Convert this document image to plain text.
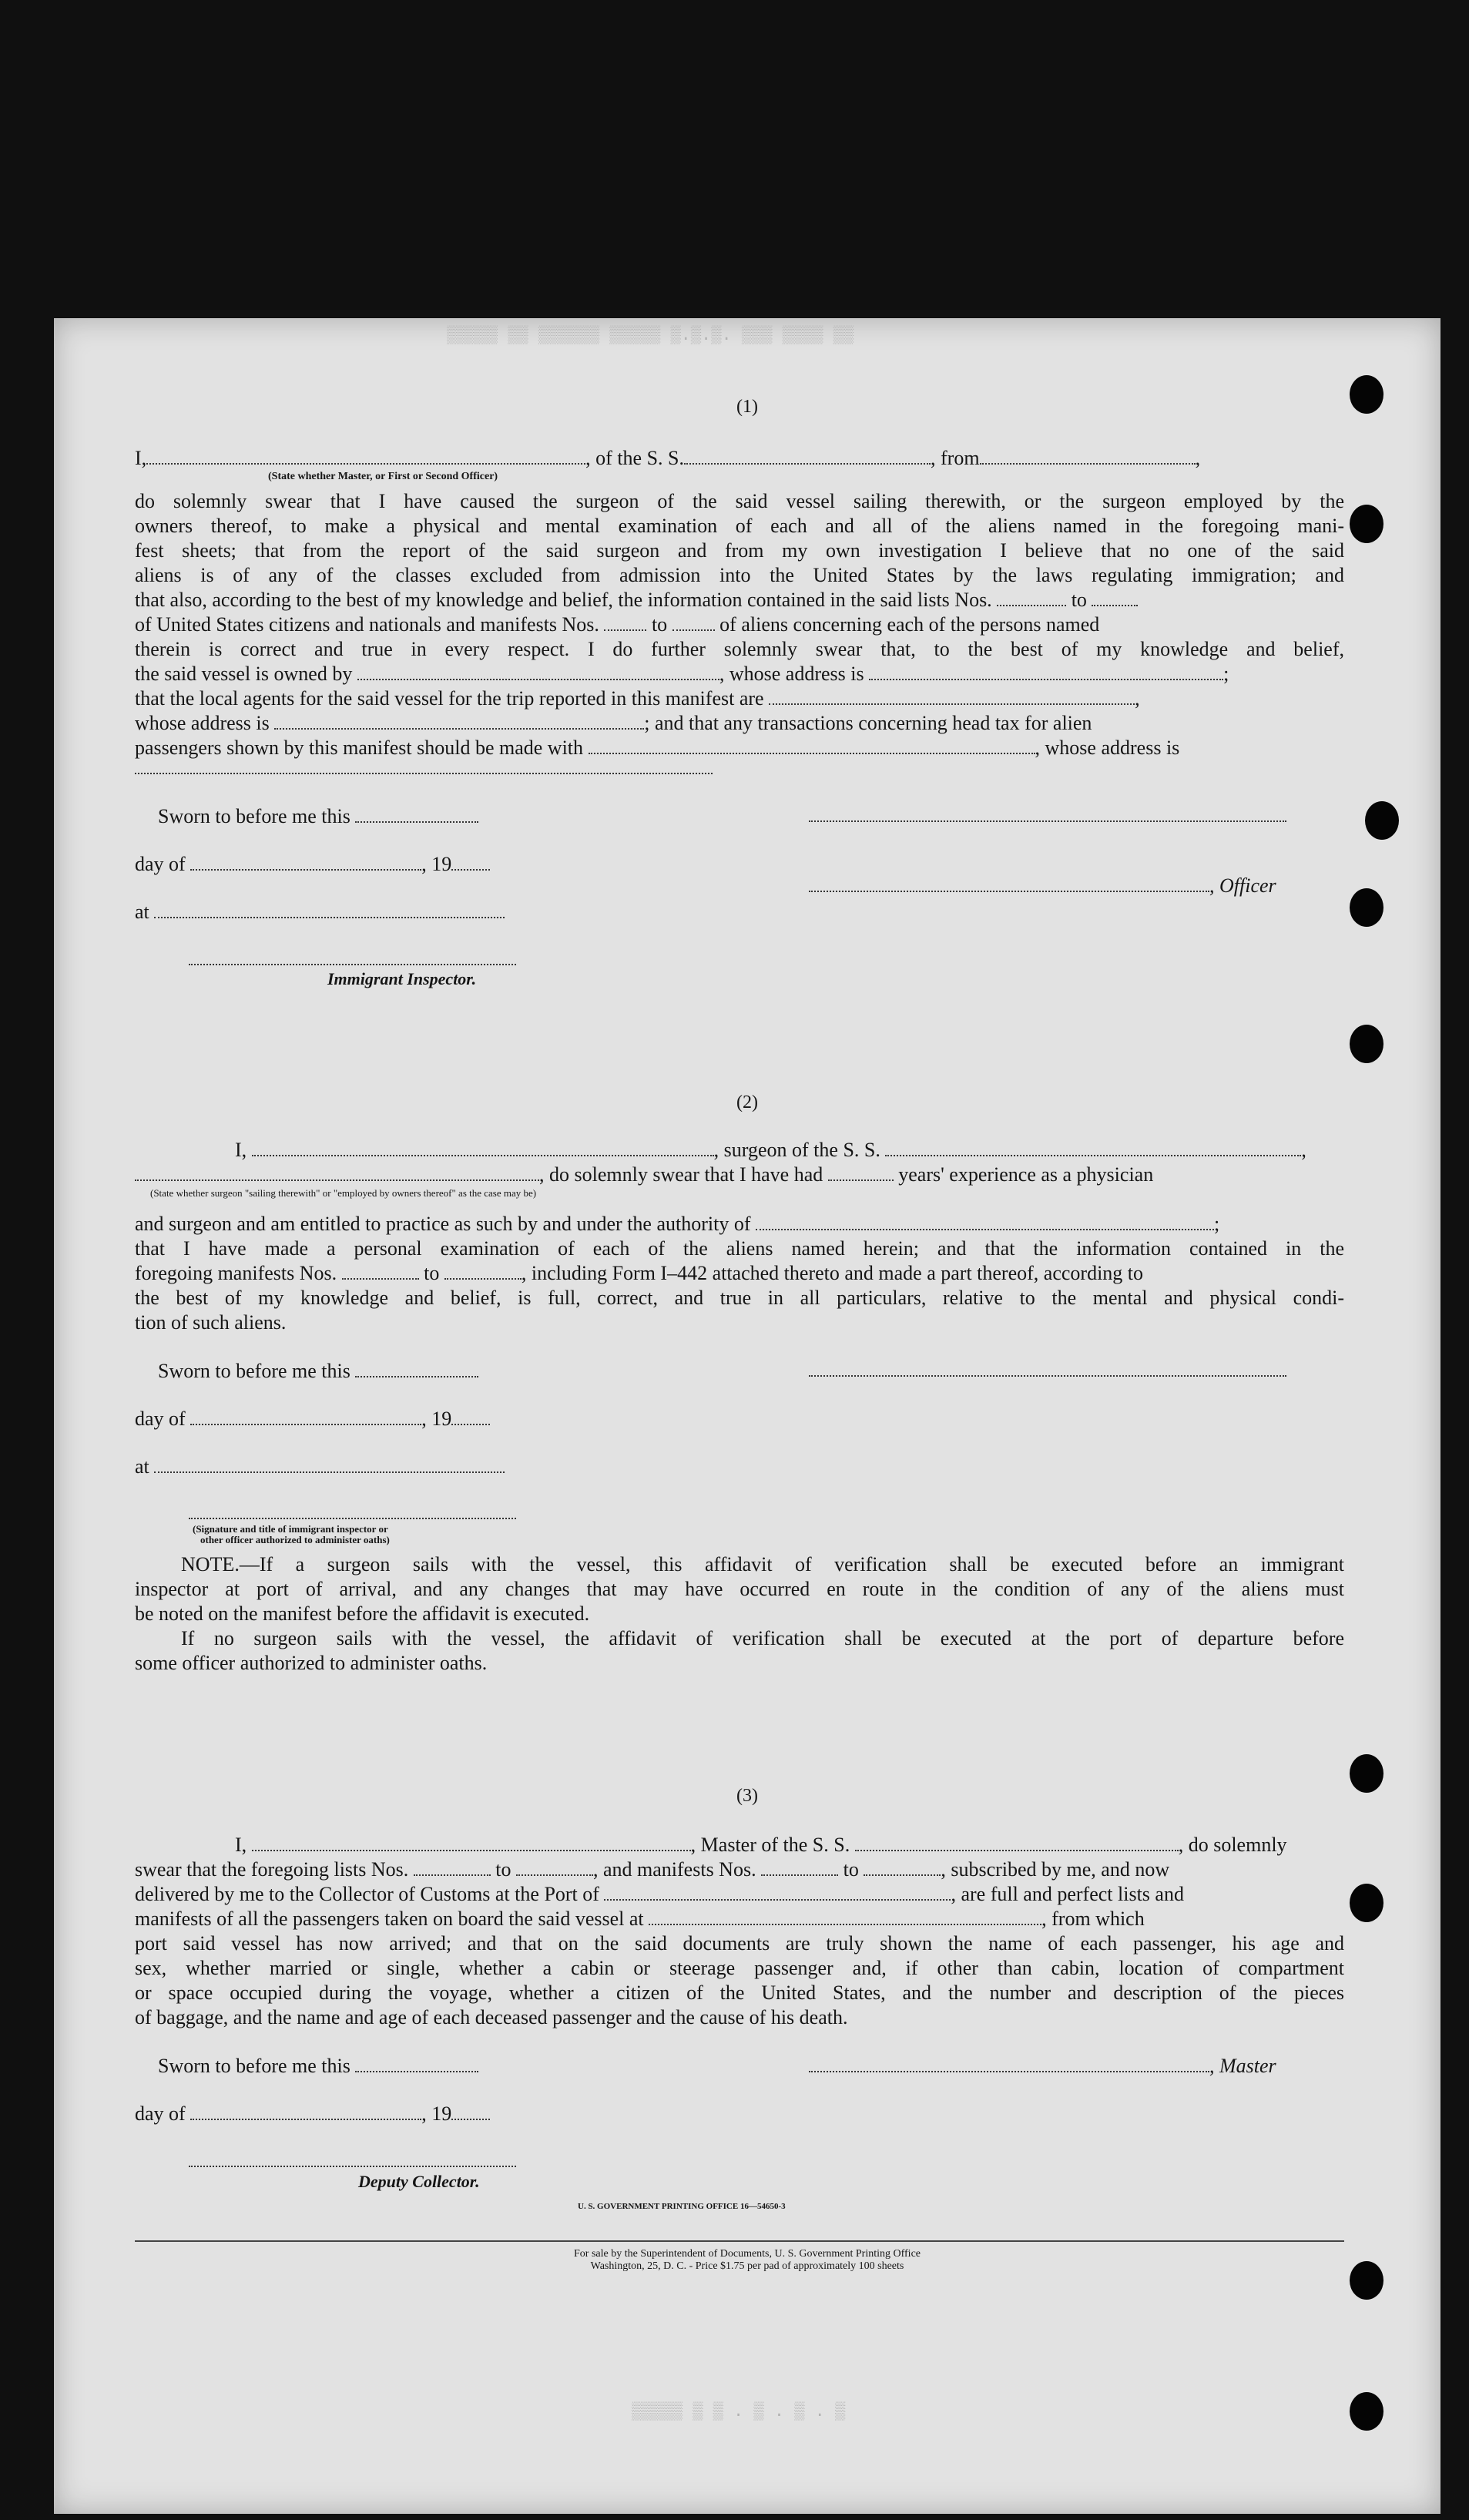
▒▒▒▒▒ ▒▒ ▒▒▒▒▒▒ ▒▒▒▒▒ ▒.▒.▒. ▒▒▒ ▒▒▒▒ ▒▒
(1)
I,	, of the S. S.	, from	,
(State whether Master, or First or Second Officer)
do solemnly swear that I have caused the surgeon of the said vessel sailing therewith, or the surgeon employed by the
owners thereof, to make a physical and mental examination of each and all of the aliens named in the foregoing mani-
fest sheets; that from the report of the said surgeon and from my own investigation I believe that no one of the said
aliens is of any of the classes excluded from admission into the United States by the laws regulating immigration; and
that also, according to the best of my knowledge and belief, the information contained in the said lists Nos.	to
of United States citizens and nationals and manifests Nos.	to	of aliens concerning each of the persons named
therein is correct and true in every respect. I do further solemnly swear that, to the best of my knowledge and belief,
the said vessel is owned by	, whose address is	;
that the local agents for the said vessel for the trip reported in this manifest are	,
whose address is	; and that any transactions concerning head tax for alien
passengers shown by this manifest should be made with	, whose address is
Sworn to before me this
day of	, 19
, Officer
at
Immigrant Inspector.
(2)
I,	, surgeon of the S. S.	,
, do solemnly swear that I have had	years' experience as a physician
(State whether surgeon "sailing therewith" or "employed by owners thereof" as the case may be)
and surgeon and am entitled to practice as such by and under the authority of	;
that I have made a personal examination of each of the aliens named herein; and that the information contained in the
foregoing manifests Nos.	to	, including Form I–442 attached thereto and made a part thereof, according to
the best of my knowledge and belief, is full, correct, and true in all particulars, relative to the mental and physical condi-
tion of such aliens.
Sworn to before me this
day of	, 19
at
(Signature and title of immigrant inspector or
other officer authorized to administer oaths)
NOTE.—If a surgeon sails with the vessel, this affidavit of verification shall be executed before an immigrant
inspector at port of arrival, and any changes that may have occurred en route in the condition of any of the aliens must
be noted on the manifest before the affidavit is executed.
If no surgeon sails with the vessel, the affidavit of verification shall be executed at the port of departure before
some officer authorized to administer oaths.
(3)
I,	, Master of the S. S.	, do solemnly
swear that the foregoing lists Nos.	to	, and manifests Nos.	to	, subscribed by me, and now
delivered by me to the Collector of Customs at the Port of	, are full and perfect lists and
manifests of all the passengers taken on board the said vessel at	, from which
port said vessel has now arrived; and that on the said documents are truly shown the name of each passenger, his age and
sex, whether married or single, whether a cabin or steerage passenger and, if other than cabin, location of compartment
or space occupied during the voyage, whether a citizen of the United States, and the number and description of the pieces
of baggage, and the name and age of each deceased passenger and the cause of his death.
Sworn to before me this	, Master
day of	, 19
Deputy Collector.
U. S. GOVERNMENT PRINTING OFFICE 16—54650-3
For sale by the Superintendent of Documents, U. S. Government Printing Office
Washington, 25, D. C. - Price $1.75 per pad of approximately 100 sheets
▒▒▒▒▒ ▒ ▒ . ▒ . ▒ . ▒
